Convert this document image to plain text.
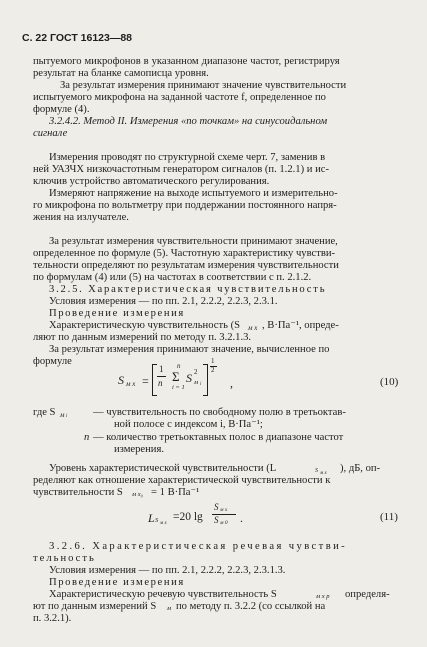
С. 22 ГОСТ 16123—88
пытуемого микрофонов в указанном диапазоне частот, регистрируя
результат на бланке самописца уровня.
За результат измерения принимают значение чувствительности
испытуемого микрофона на заданной частоте f, определенное по
формуле (4).
3.2.4.2. Метод II. Измерения «по точкам» на синусоидальном
сигнале
Измерения проводят по структурной схеме черт. 7, заменив в
ней УАЗЧХ низкочастотным генератором сигналов (п. 1.2.1) и ис-
ключив устройство автоматического регулирования.
Измеряют напряжение на выходе испытуемого и измерительно-
го микрофона по вольтметру при поддержании постоянного напря-
жения на излучателе.
За результат измерения чувствительности принимают значение,
определенное по формуле (5). Частотную характеристику чувстви-
тельности определяют по результатам измерения чувствительности
по формулам (4) или (5) на частотах в соответствии с п. 2.1.2.
3.2.5. Характеристическая чувствительность
Условия измерения — по пп. 2.1, 2.2.2, 2.2.3, 2.3.1.
Проведение измерения
Характеристическую чувствительность (S м х , В·Па⁻¹, опреде-
ляют по данным измерений по методу п. 3.2.1.3.
За результат измерения принимают значение, вычисленное по
формуле
S м х =
1
n
n
Σ
i = 1
S 2
м i
1
2
,	(10)
где S м i — чувствительность по свободному полю в третьоктав-
ной полосе с индексом i, В·Па⁻¹;
n — количество третьоктавных полос в диапазоне частот
измерения.
Уровень характеристической чувствительности (L	S м х ), дБ, оп-
ределяют как отношение характеристической чувствительности к
чувствительности S м х₀ = 1 В·Па⁻¹
L S м х
=20 lg
S м х
S м 0 .	(11)
3.2.6. Характеристическая речевая чувстви-
тельность
Условия измерения — по пп. 2.1, 2.2.2, 2.2.3, 2.3.1.3.
Проведение измерения
Характеристическую речевую чувствительность S	м х р определя-
ют по данным измерений S м по методу п. 3.2.2 (со ссылкой на
п. 3.2.1).
